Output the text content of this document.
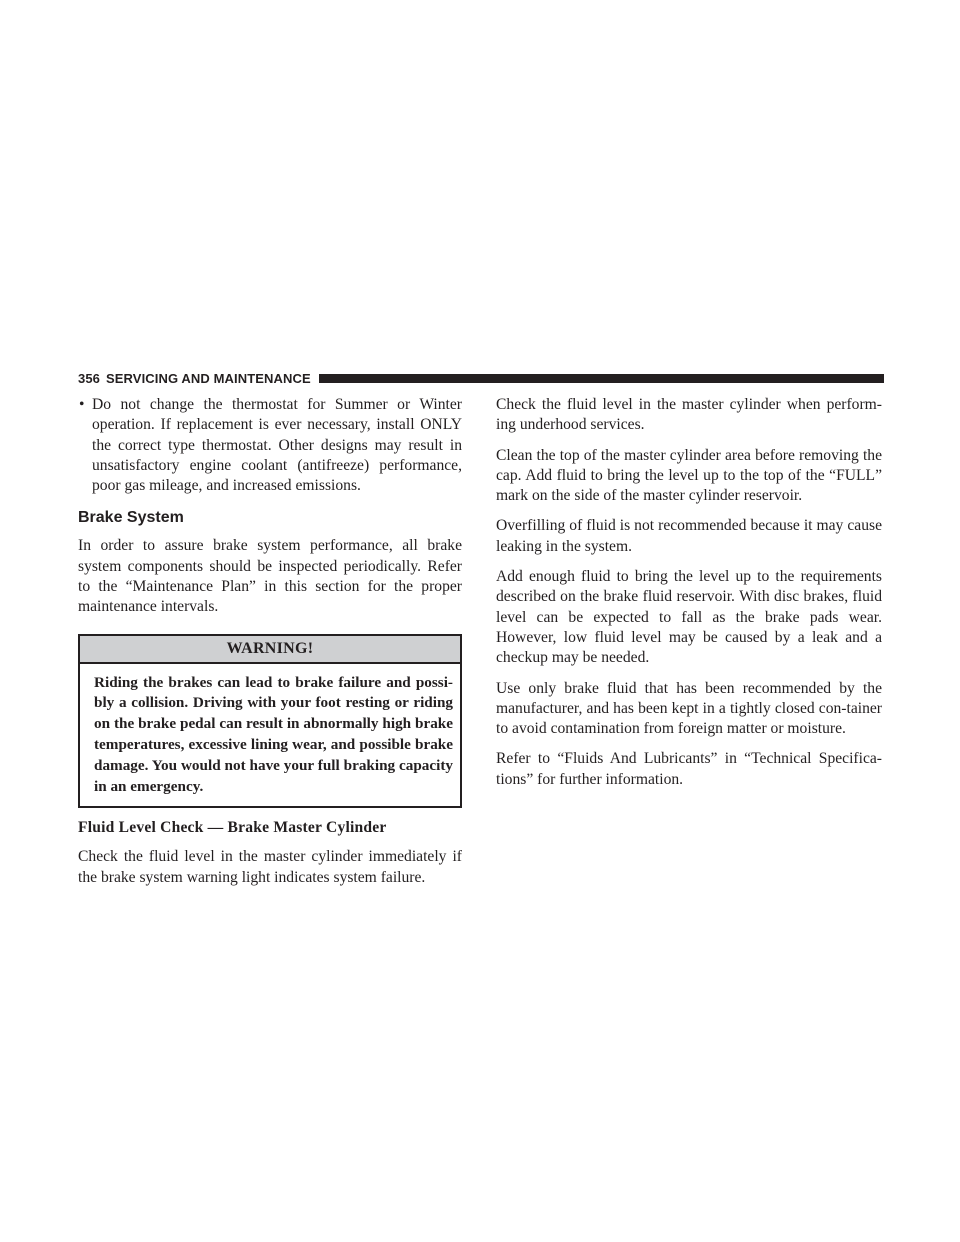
356 SERVICING AND MAINTENANCE
• Do not change the thermostat for Summer or Winter operation. If replacement is ever necessary, install ONLY the correct type thermostat. Other designs may result in unsatisfactory engine coolant (antifreeze) performance, poor gas mileage, and increased emissions.
Brake System

In order to assure brake system performance, all brake system components should be inspected periodically. Refer to the “Maintenance Plan” in this section for the proper maintenance intervals.

WARNING!
Riding the brakes can lead to brake failure and possi-bly a collision. Driving with your foot resting or riding on the brake pedal can result in abnormally high brake temperatures, excessive lining wear, and possible brake damage. You would not have your full braking capacity in an emergency.
Fluid Level Check — Brake Master Cylinder

Check the fluid level in the master cylinder immediately if the brake system warning light indicates system failure.

Check the fluid level in the master cylinder when perform-ing underhood services.

Clean the top of the master cylinder area before removing the cap. Add fluid to bring the level up to the top of the “FULL” mark on the side of the master cylinder reservoir.

Overfilling of fluid is not recommended because it may cause leaking in the system.

Add enough fluid to bring the level up to the requirements described on the brake fluid reservoir. With disc brakes, fluid level can be expected to fall as the brake pads wear. However, low fluid level may be caused by a leak and a checkup may be needed.

Use only brake fluid that has been recommended by the manufacturer, and has been kept in a tightly closed con-tainer to avoid contamination from foreign matter or moisture.

Refer to “Fluids And Lubricants” in “Technical Specifica-tions” for further information.
